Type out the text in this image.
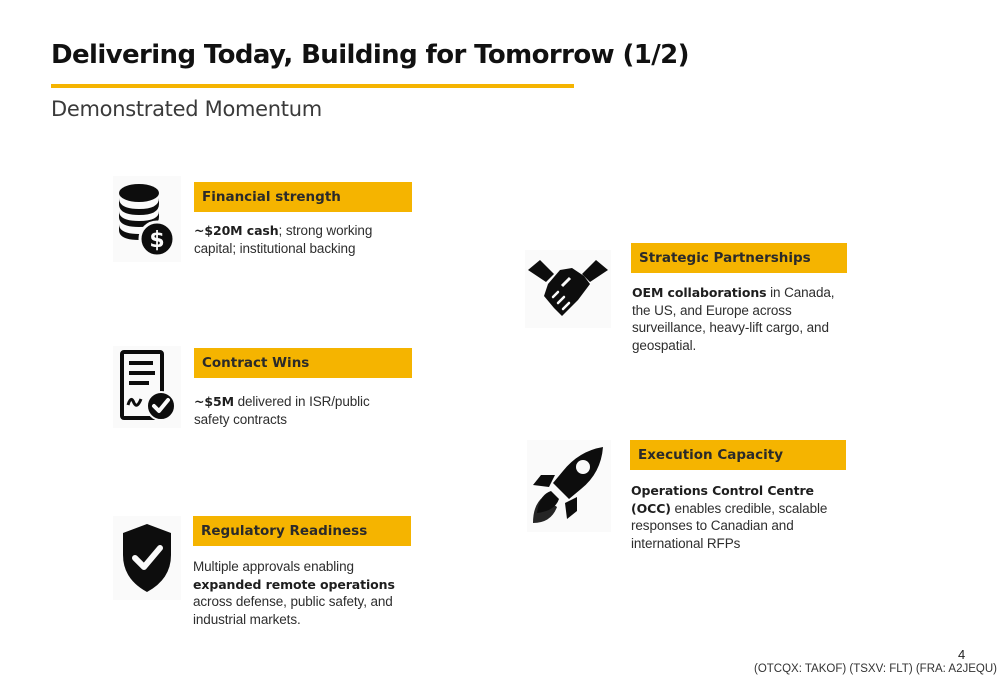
Delivering Today, Building for Tomorrow (1/2)
Demonstrated Momentum
$
Financial strength

~$20M cash; strong working capital; institutional backing

Contract Wins

~$5M delivered in ISR/public safety contracts

Regulatory Readiness

Multiple approvals enabling expanded remote operations across defense, public safety, and industrial markets.

Strategic Partnerships

OEM collaborations in Canada, the US, and Europe across surveillance, heavy-lift cargo, and geospatial.

Execution Capacity

Operations Control Centre (OCC) enables credible, scalable responses to Canadian and international RFPs

4
(OTCQX: TAKOF) (TSXV: FLT) (FRA: A2JEQU)
